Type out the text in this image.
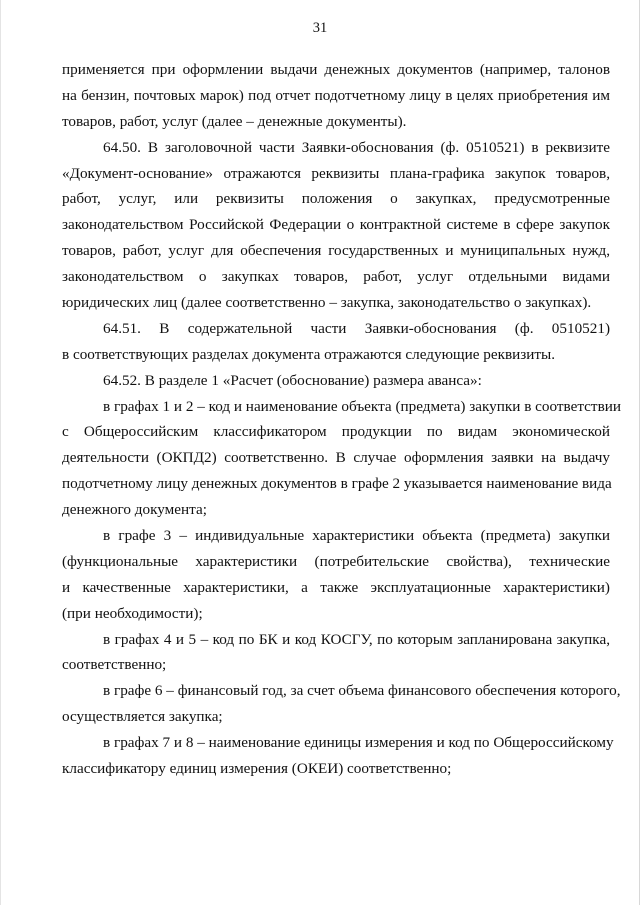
31
применяется при оформлении выдачи денежных документов (например, талонов
на бензин, почтовых марок) под отчет подотчетному лицу в целях приобретения им
товаров, работ, услуг (далее – денежные документы).
64.50. В заголовочной части Заявки-обоснования (ф. 0510521) в реквизите
«Документ-основание» отражаются реквизиты плана-графика закупок товаров,
работ, услуг, или реквизиты положения о закупках, предусмотренные
законодательством Российской Федерации о контрактной системе в сфере закупок
товаров, работ, услуг для обеспечения государственных и муниципальных нужд,
законодательством о закупках товаров, работ, услуг отдельными видами
юридических лиц (далее соответственно – закупка, законодательство о закупках).
64.51. В содержательной части Заявки-обоснования (ф. 0510521)
в соответствующих разделах документа отражаются следующие реквизиты.
64.52. В разделе 1 «Расчет (обоснование) размера аванса»:
в графах 1 и 2 – код и наименование объекта (предмета) закупки в соответствии
с Общероссийским классификатором продукции по видам экономической
деятельности (ОКПД2) соответственно. В случае оформления заявки на выдачу
подотчетному лицу денежных документов в графе 2 указывается наименование вида
денежного документа;
в графе 3 – индивидуальные характеристики объекта (предмета) закупки
(функциональные характеристики (потребительские свойства), технические
и качественные характеристики, а также эксплуатационные характеристики)
(при необходимости);
в графах 4 и 5 – код по БК и код КОСГУ, по которым запланирована закупка,
соответственно;
в графе 6 – финансовый год, за счет объема финансового обеспечения которого,
осуществляется закупка;
в графах 7 и 8 – наименование единицы измерения и код по Общероссийскому
классификатору единиц измерения (ОКЕИ) соответственно;
